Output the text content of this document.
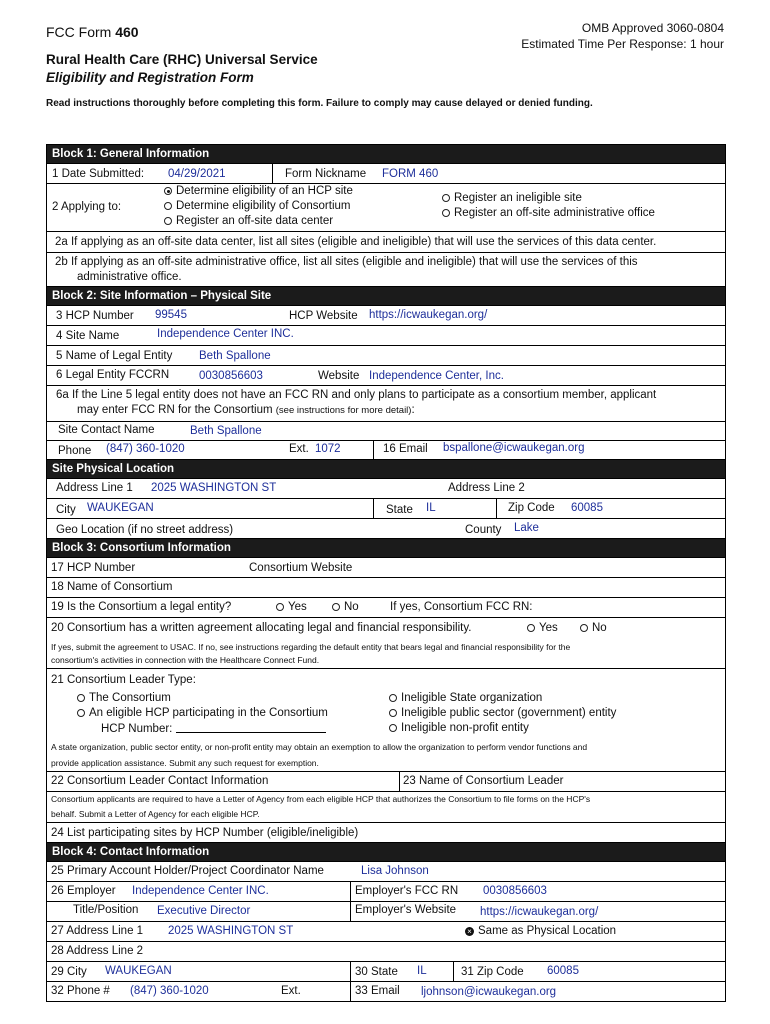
FCC Form 460	OMB Approved 3060-0804
Estimated Time Per Response: 1 hour
Rural Health Care (RHC) Universal Service
Eligibility and Registration Form
Read instructions thoroughly before completing this form. Failure to comply may cause delayed or denied funding.
Block 1: General Information
1 Date Submitted: 04/29/2021	Form Nickname FORM 460
2 Applying to:
Determine eligibility of an HCP site
Determine eligibility of Consortium
Register an off-site data center
Register an ineligible site
Register an off-site administrative office
2a If applying as an off-site data center, list all sites (eligible and ineligible) that will use the services of this data center.
2b If applying as an off-site administrative office, list all sites (eligible and ineligible) that will use the services of this
administrative office.
Block 2: Site Information – Physical Site
3 HCP Number 99545	HCP Website https://icwaukegan.org/
4 Site Name	Independence Center INC.
5 Name of Legal Entity Beth Spallone
6 Legal Entity FCCRN	0030856603	Website Independence Center, Inc.
6a If the Line 5 legal entity does not have an FCC RN and only plans to participate as a consortium member, applicant
may enter FCC RN for the Consortium (see instructions for more detail):
Site Contact Name	Beth Spallone
Phone (847) 360-1020	Ext. 1072	16 Email bspallone@icwaukegan.org
Site Physical Location
Address Line 1 2025 WASHINGTON ST	Address Line 2
City WAUKEGAN	State IL	Zip Code 60085
Geo Location (if no street address)	County Lake
Block 3: Consortium Information
17 HCP Number	Consortium Website
18 Name of Consortium
19 Is the Consortium a legal entity?	Yes	No	If yes, Consortium FCC RN:
20 Consortium has a written agreement allocating legal and financial responsibility.	Yes	No
If yes, submit the agreement to USAC. If no, see instructions regarding the default entity that bears legal and financial responsibility for the
consortium's activities in connection with the Healthcare Connect Fund.
21 Consortium Leader Type:
The Consortium
An eligible HCP participating in the Consortium
HCP Number:
Ineligible State organization
Ineligible public sector (government) entity
Ineligible non-profit entity
A state organization, public sector entity, or non-profit entity may obtain an exemption to allow the organization to perform vendor functions and
provide application assistance. Submit any such request for exemption.
22 Consortium Leader Contact Information	23 Name of Consortium Leader
Consortium applicants are required to have a Letter of Agency from each eligible HCP that authorizes the Consortium to file forms on the HCP's
behalf. Submit a Letter of Agency for each eligible HCP.
24 List participating sites by HCP Number (eligible/ineligible)
Block 4: Contact Information
25 Primary Account Holder/Project Coordinator Name	Lisa Johnson
26 Employer Independence Center INC.	Employer's FCC RN 0030856603
Title/Position Executive Director	Employer's Website https://icwaukegan.org/
27 Address Line 1 2025 WASHINGTON ST	× Same as Physical Location
28 Address Line 2
29 City WAUKEGAN	30 State IL	31 Zip Code 60085
32 Phone # (847) 360-1020	Ext.	33 Email ljohnson@icwaukegan.org
